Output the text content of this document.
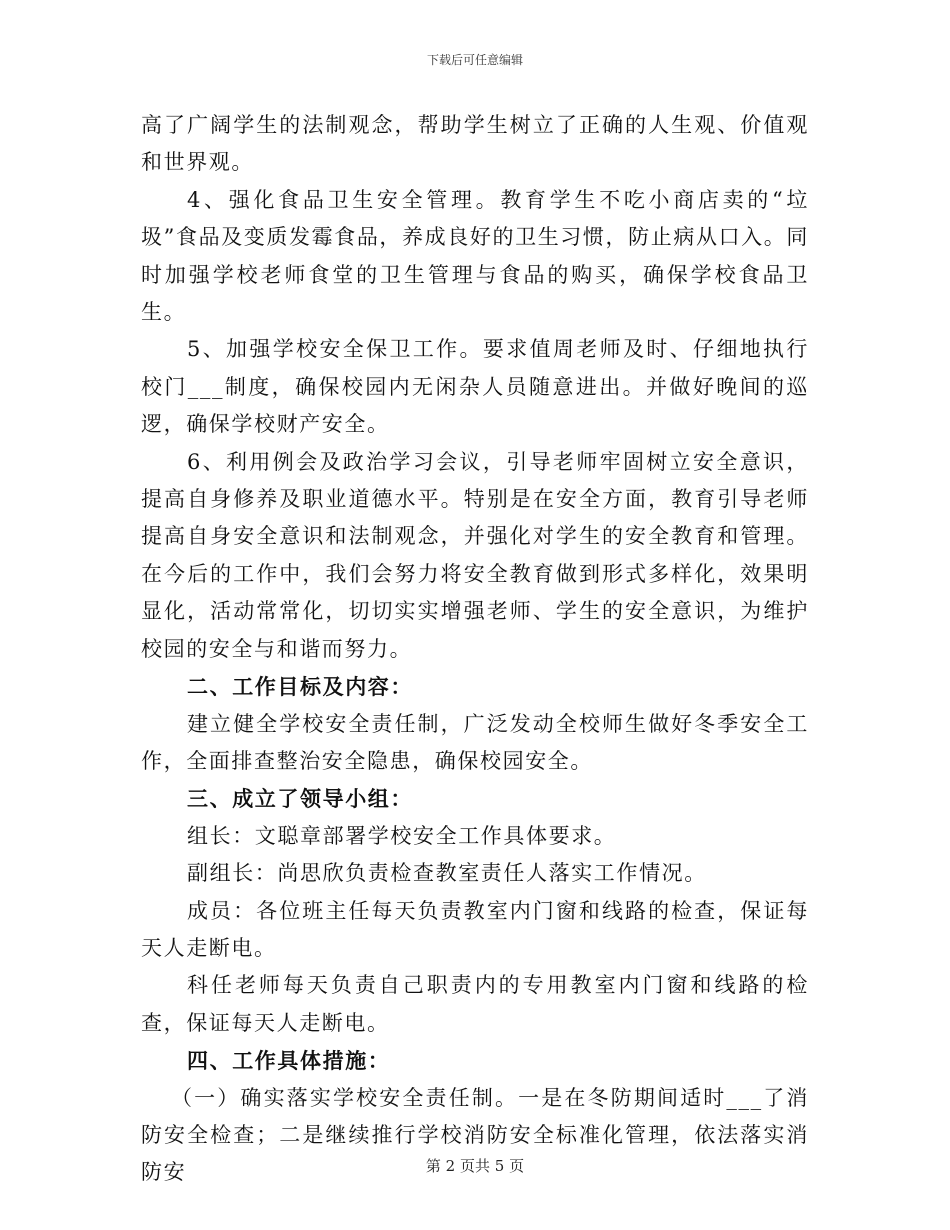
下载后可任意编辑

高了广阔学生的法制观念，帮助学生树立了正确的人生观、价值观和世界观。

4、强化食品卫生安全管理。教育学生不吃小商店卖的“垃圾”食品及变质发霉食品，养成良好的卫生习惯，防止病从口入。同时加强学校老师食堂的卫生管理与食品的购买，确保学校食品卫生。

5、加强学校安全保卫工作。要求值周老师及时、仔细地执行校门___制度，确保校园内无闲杂人员随意进出。并做好晚间的巡逻，确保学校财产安全。

6、利用例会及政治学习会议，引导老师牢固树立安全意识，提高自身修养及职业道德水平。特别是在安全方面，教育引导老师提高自身安全意识和法制观念，并强化对学生的安全教育和管理。在今后的工作中，我们会努力将安全教育做到形式多样化，效果明显化，活动常常化，切切实实增强老师、学生的安全意识，为维护校园的安全与和谐而努力。

二、工作目标及内容：

建立健全学校安全责任制，广泛发动全校师生做好冬季安全工作，全面排查整治安全隐患，确保校园安全。

三、成立了领导小组：

组长：文聪章部署学校安全工作具体要求。

副组长：尚思欣负责检查教室责任人落实工作情况。

成员：各位班主任每天负责教室内门窗和线路的检查，保证每天人走断电。

科任老师每天负责自己职责内的专用教室内门窗和线路的检查，保证每天人走断电。

四、工作具体措施：

（一）确实落实学校安全责任制。一是在冬防期间适时___了消防安全检查；二是继续推行学校消防安全标准化管理，依法落实消防安	第 2 页共 5 页
